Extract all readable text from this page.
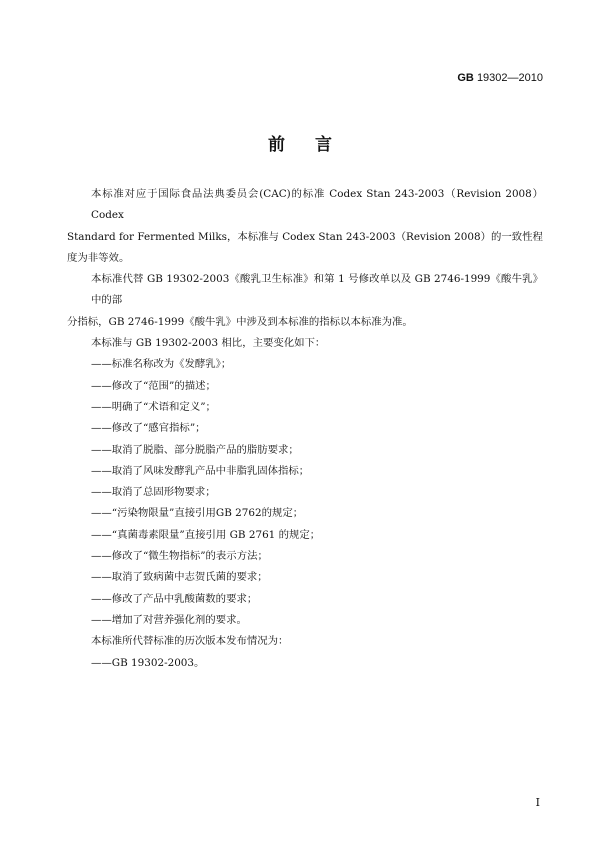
GB 19302—2010
前言

本标准对应于国际食品法典委员会(CAC)的标准 Codex Stan 243-2003（Revision 2008）Codex

Standard for Fermented Milks，本标准与 Codex Stan 243-2003（Revision 2008）的一致性程度为非等效。

本标准代替 GB 19302-2003《酸乳卫生标准》和第 1 号修改单以及 GB 2746-1999《酸牛乳》中的部

分指标，GB 2746-1999《酸牛乳》中涉及到本标准的指标以本标准为准。

本标准与 GB 19302-2003 相比，主要变化如下：

——标准名称改为《发酵乳》；

——修改了“范围”的描述；

——明确了“术语和定义”；

——修改了“感官指标”；

——取消了脱脂、部分脱脂产品的脂肪要求；

——取消了风味发酵乳产品中非脂乳固体指标；

——取消了总固形物要求；

——“污染物限量”直接引用GB 2762的规定；

——“真菌毒素限量”直接引用 GB 2761 的规定；

——修改了“微生物指标”的表示方法；

——取消了致病菌中志贺氏菌的要求；

——修改了产品中乳酸菌数的要求；

——增加了对营养强化剂的要求。

本标准所代替标准的历次版本发布情况为：

——GB 19302-2003。

I
